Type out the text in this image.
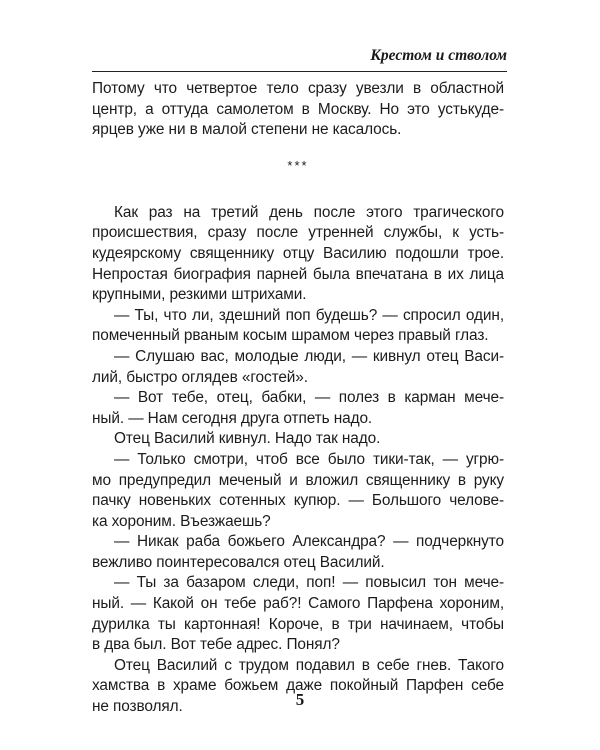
Крестом и стволом

Потому что четвертое тело сразу увезли в областной
центр, а оттуда самолетом в Москву. Но это устькуде-
ярцев уже ни в малой степени не касалось.

***

Как раз на третий день после этого трагического
происшествия, сразу после утренней службы, к усть-
кудеярскому священнику отцу Василию подошли трое.
Непростая биография парней была впечатана в их лица
крупными, резкими штрихами.

— Ты, что ли, здешний поп будешь? — спросил один,
помеченный рваным косым шрамом через правый глаз.

— Слушаю вас, молодые люди, — кивнул отец Васи-
лий, быстро оглядев «гостей».

— Вот тебе, отец, бабки, — полез в карман мече-
ный. — Нам сегодня друга отпеть надо.

Отец Василий кивнул. Надо так надо.

— Только смотри, чтоб все было тики-так, — угрю-
мо предупредил меченый и вложил священнику в руку
пачку новеньких сотенных купюр. — Большого челове-
ка хороним. Въезжаешь?

— Никак раба божьего Александра? — подчеркнуто
вежливо поинтересовался отец Василий.

— Ты за базаром следи, поп! — повысил тон мече-
ный. — Какой он тебе раб?! Самого Парфена хороним,
дурилка ты картонная! Короче, в три начинаем, чтобы
в два был. Вот тебе адрес. Понял?

Отец Василий с трудом подавил в себе гнев. Такого
хамства в храме божьем даже покойный Парфен себе
не позволял.	5
